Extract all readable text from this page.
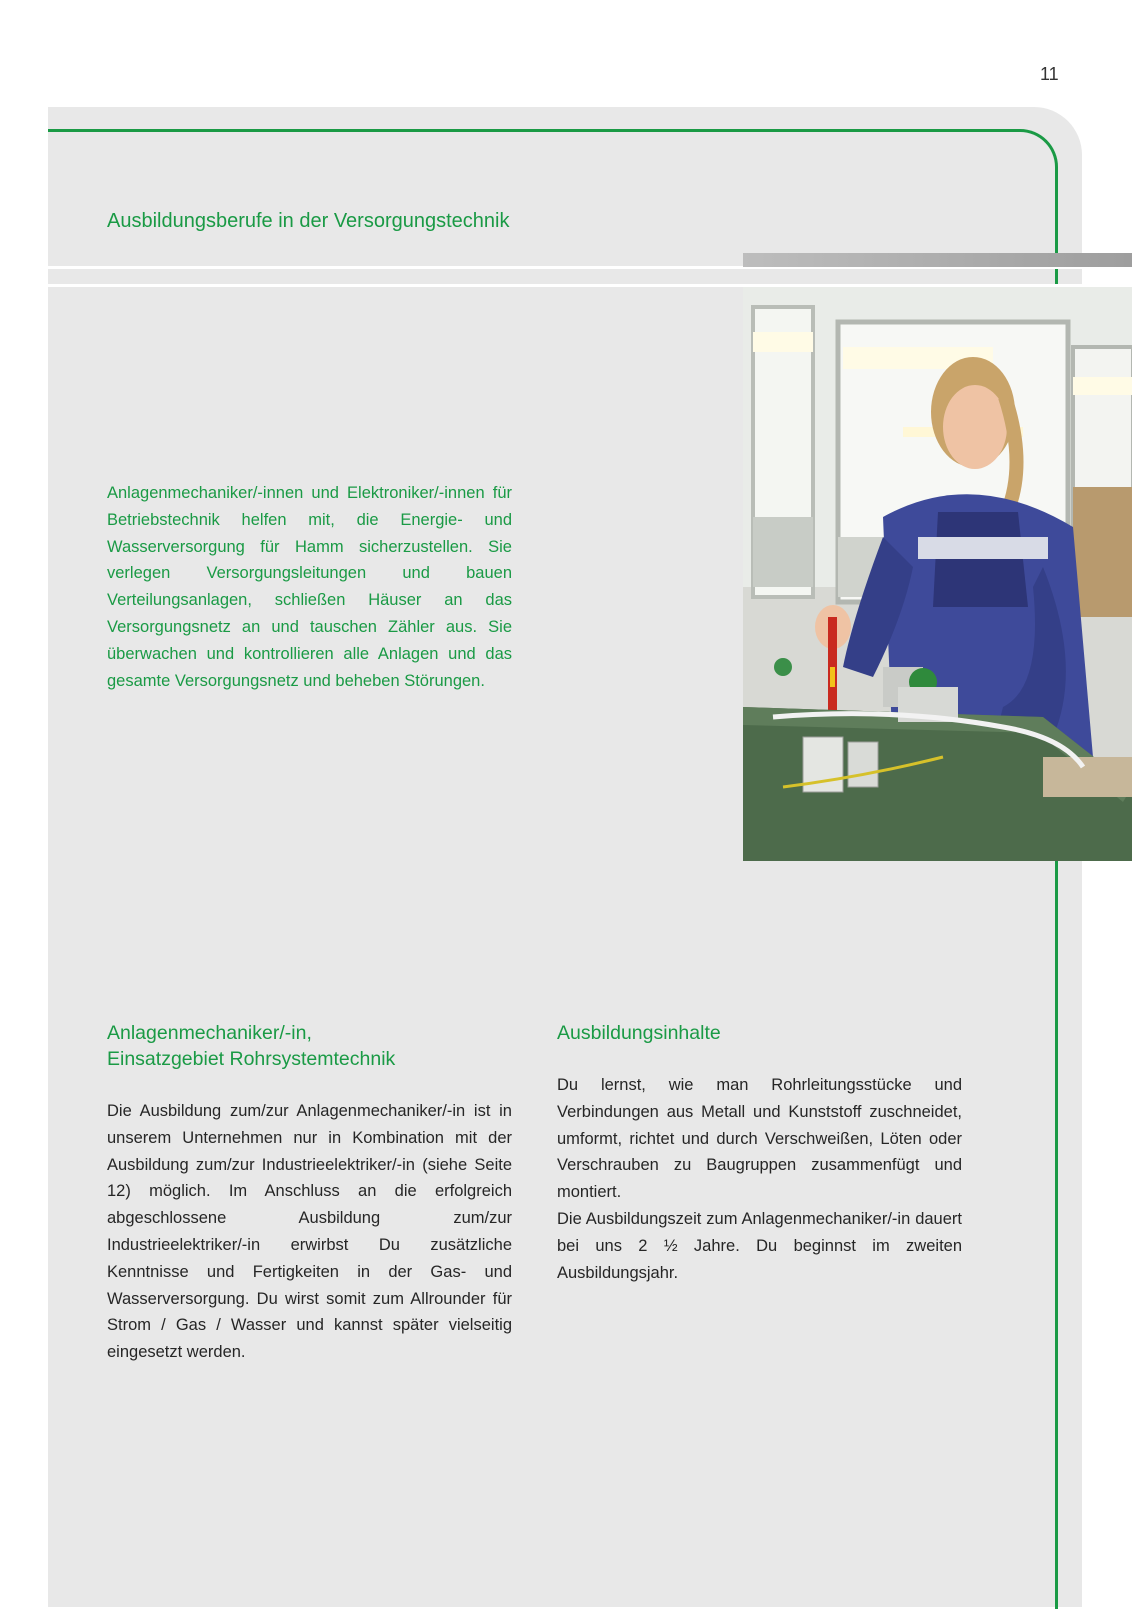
11
Ausbildungsberufe in der Versorgungstechnik

Anlagenmechaniker/-innen und Elektroniker/-innen für Betriebstechnik helfen mit, die Energie- und Wasserversorgung für Hamm sicherzustellen. Sie verlegen Versorgungsleitungen und bauen Verteilungsanlagen, schließen Häuser an das Versorgungsnetz an und tauschen Zähler aus. Sie überwachen und kontrollieren alle Anlagen und das gesamte Versorgungsnetz und beheben Störungen.

Anlagenmechaniker/-in,
Einsatzgebiet Rohrsystemtechnik

Die Ausbildung zum/zur Anlagenmechaniker/-in ist in unserem Unternehmen nur in Kombination mit der Ausbildung zum/zur Industrieelektriker/-in (siehe Seite 12) möglich. Im Anschluss an die erfolgreich abgeschlossene Ausbildung zum/zur Industrieelektriker/-in erwirbst Du zusätzliche Kenntnisse und Fertigkeiten in der Gas- und Wasserversorgung. Du wirst somit zum Allrounder für Strom / Gas / Wasser und kannst später vielseitig eingesetzt werden.

Ausbildungsinhalte

Du lernst, wie man Rohrleitungsstücke und Verbindungen aus Metall und Kunststoff zuschneidet, umformt, richtet und durch Verschweißen, Löten oder Verschrauben zu Baugruppen zusammenfügt und montiert.

Die Ausbildungszeit zum Anlagenmechaniker/-in dauert bei uns 2 ½ Jahre. Du beginnst im zweiten Ausbildungsjahr.
